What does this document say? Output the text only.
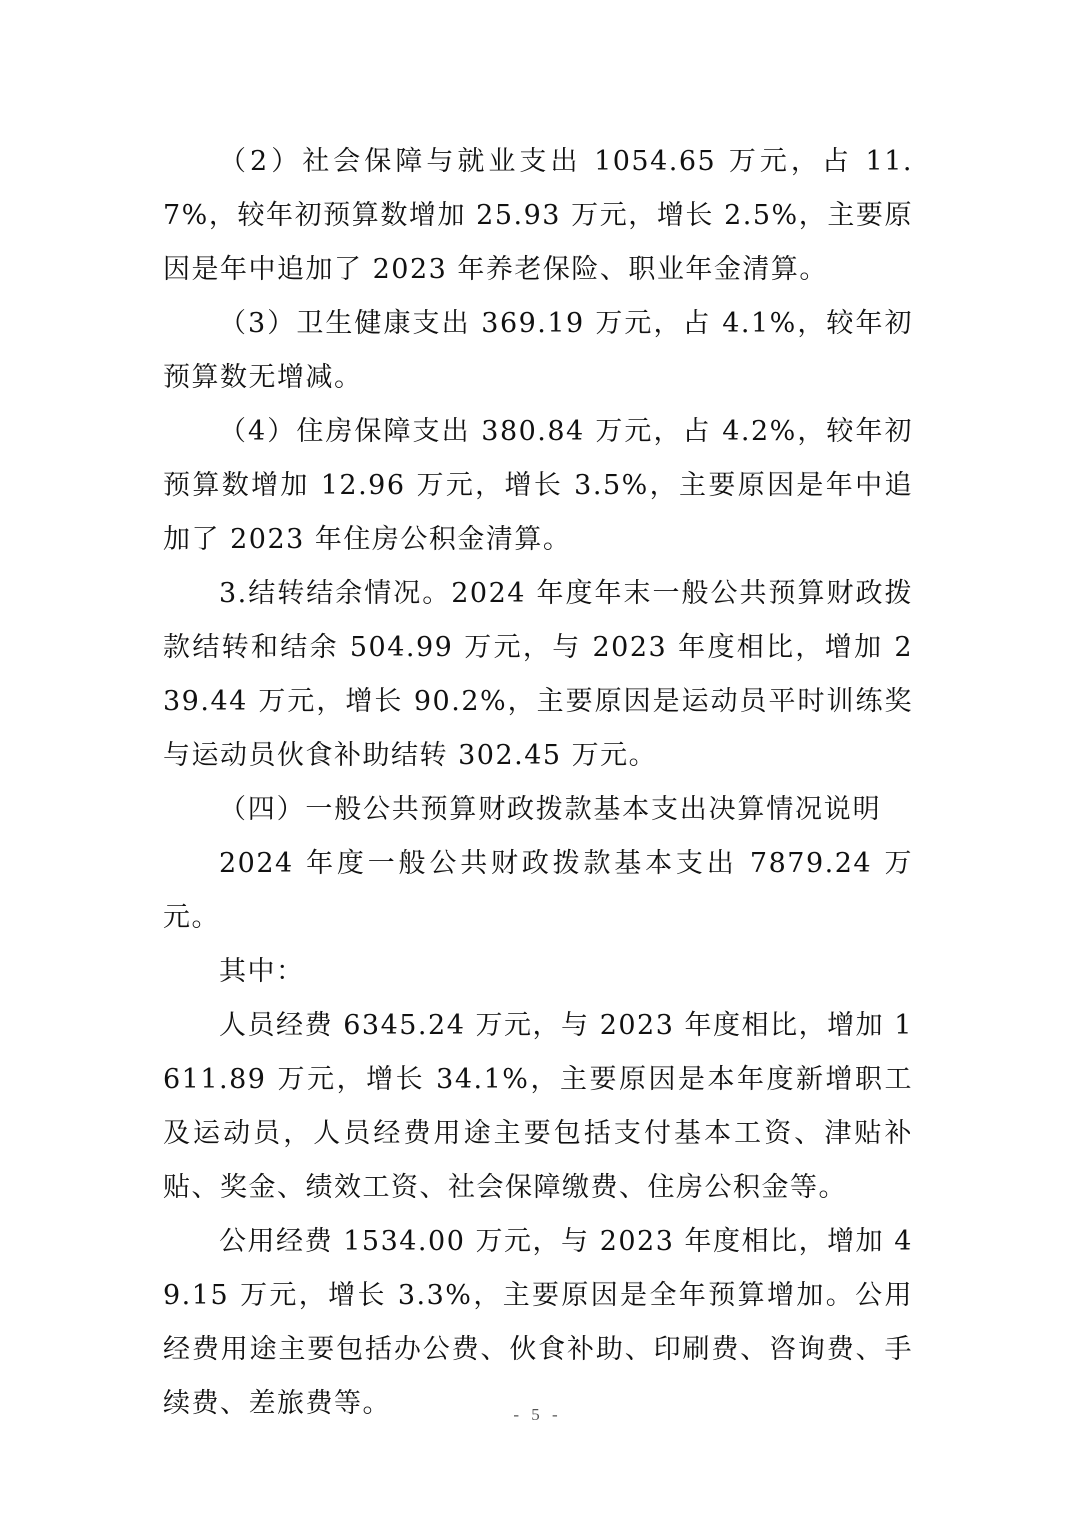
（2）社会保障与就业支出 1054.65 万元，占 11.7%，较年初预算数增加 25.93 万元，增长 2.5%，主要原因是年中追加了 2023 年养老保险、职业年金清算。

（3）卫生健康支出 369.19 万元，占 4.1%，较年初预算数无增减。

（4）住房保障支出 380.84 万元，占 4.2%，较年初预算数增加 12.96 万元，增长 3.5%，主要原因是年中追加了 2023 年住房公积金清算。

3.结转结余情况。2024 年度年末一般公共预算财政拨款结转和结余 504.99 万元，与 2023 年度相比，增加 239.44 万元，增长 90.2%，主要原因是运动员平时训练奖与运动员伙食补助结转 302.45 万元。

（四）一般公共预算财政拨款基本支出决算情况说明

2024 年度一般公共财政拨款基本支出 7879.24 万元。

其中：

人员经费 6345.24 万元，与 2023 年度相比，增加 1611.89 万元，增长 34.1%，主要原因是本年度新增职工及运动员，人员经费用途主要包括支付基本工资、津贴补贴、奖金、绩效工资、社会保障缴费、住房公积金等。

公用经费 1534.00 万元，与 2023 年度相比，增加 49.15 万元，增长 3.3%，主要原因是全年预算增加。公用经费用途主要包括办公费、伙食补助、印刷费、咨询费、手续费、差旅费等。	- 5 -
